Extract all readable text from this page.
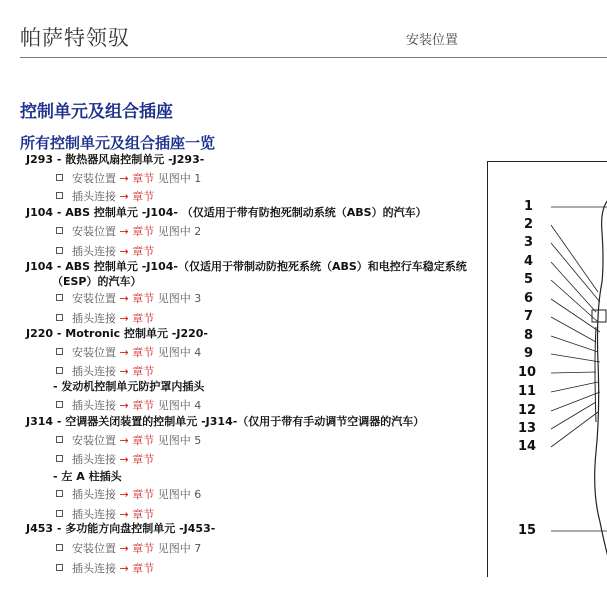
帕萨特领驭	安装位置
控制单元及组合插座
所有控制单元及组合插座一览
J293 - 散热器风扇控制单元 -J293-
安装位置 → 章节 见图中 1
插头连接 → 章节
J104 - ABS 控制单元 -J104- （仅适用于带有防抱死制动系统（ABS）的汽车）
安装位置 → 章节 见图中 2
插头连接 → 章节
J104 - ABS 控制单元 -J104-（仅适用于带制动防抱死系统（ABS）和电控行车稳定系统
（ESP）的汽车）
安装位置 → 章节 见图中 3
插头连接 → 章节
J220 - Motronic 控制单元 -J220-
安装位置 → 章节 见图中 4
插头连接 → 章节
- 发动机控制单元防护罩内插头
插头连接 → 章节 见图中 4
J314 - 空调器关闭装置的控制单元 -J314-（仅用于带有手动调节空调器的汽车）
安装位置 → 章节 见图中 5
插头连接 → 章节
- 左 A 柱插头
插头连接 → 章节 见图中 6
插头连接 → 章节
J453 - 多功能方向盘控制单元 -J453-
安装位置 → 章节 见图中 7
插头连接 → 章节
1
2
3
4
5
6
7
8
9
10
11
12
13
14
15
